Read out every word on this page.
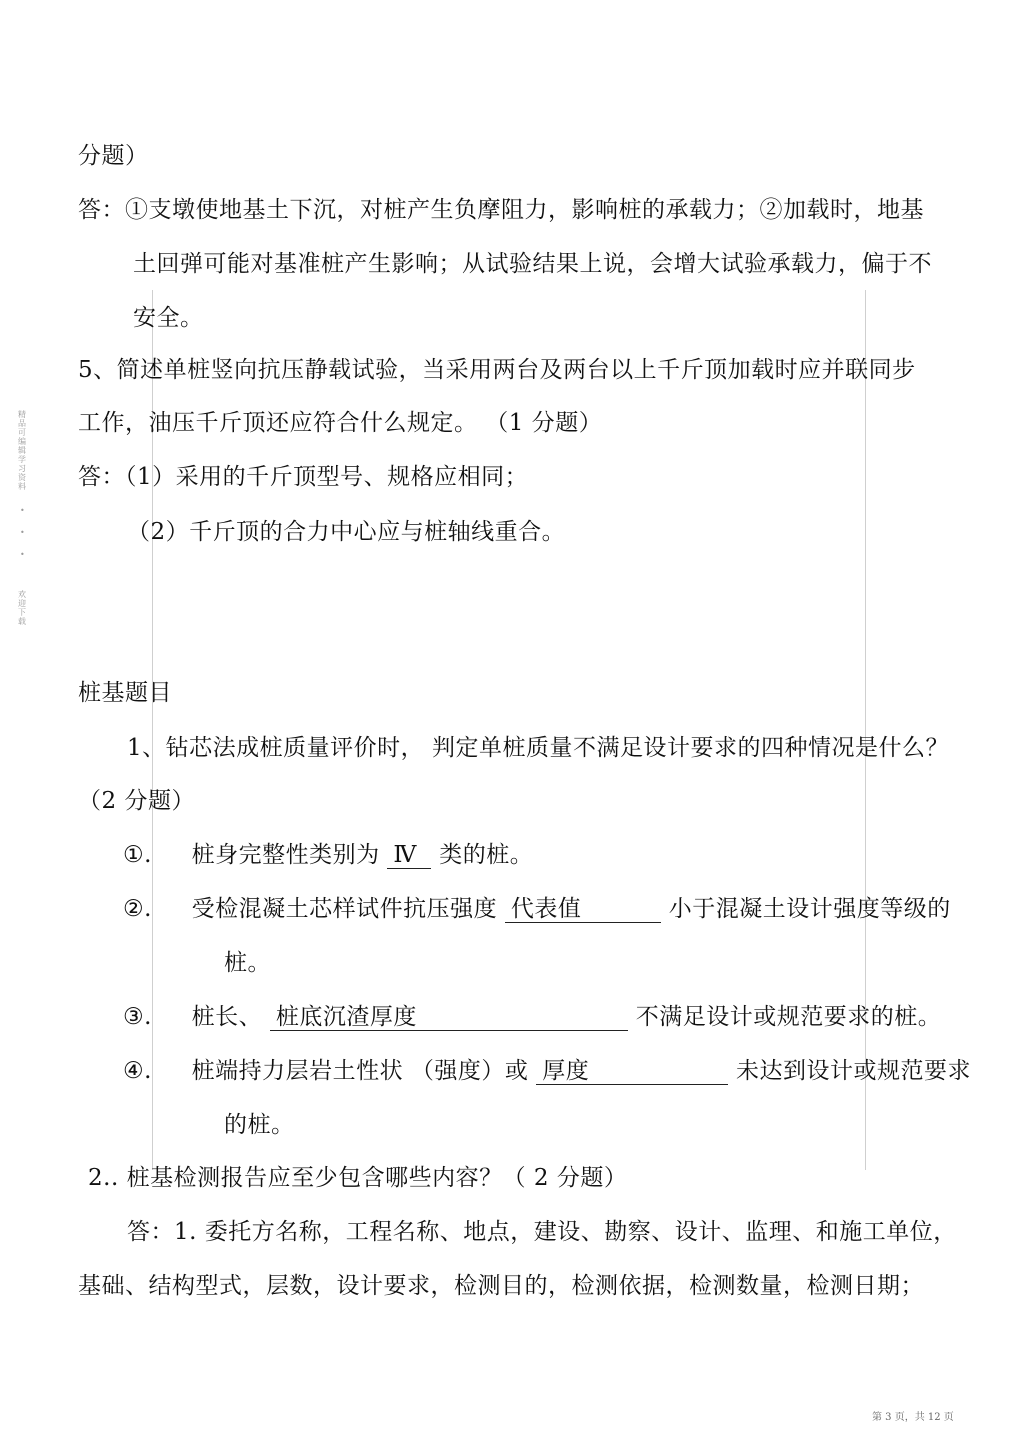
精品可编辑学习资料
• • •
欢迎下载
分题）
答：①支墩使地基土下沉，对桩产生负摩阻力，影响桩的承载力；②加载时，地基
土回弹可能对基准桩产生影响；从试验结果上说，会增大试验承载力，偏于不
安全。
5、简述单桩竖向抗压静载试验，当采用两台及两台以上千斤顶加载时应并联同步
工作，油压千斤顶还应符合什么规定。 （1 分题）
答：（1）采用的千斤顶型号、规格应相同；
（2）千斤顶的合力中心应与桩轴线重合。
桩基题目
1、钻芯法成桩质量评价时， 判定单桩质量不满足设计要求的四种情况是什么？
（2 分题）
①. 桩身完整性类别为 Ⅳ 类的桩。
②. 受检混凝土芯样试件抗压强度 代表值	小于混凝土设计强度等级的
桩。
③. 桩长、 桩底沉渣厚度	不满足设计或规范要求的桩。
④. 桩端持力层岩土性状 （强度）或 厚度	未达到设计或规范要求
的桩。
2.. 桩基检测报告应至少包含哪些内容？（ 2 分题）
答：1. 委托方名称，工程名称、地点，建设、勘察、设计、监理、和施工单位，
基础、结构型式，层数，设计要求，检测目的，检测依据，检测数量，检测日期；
第 3 页，共 12 页
